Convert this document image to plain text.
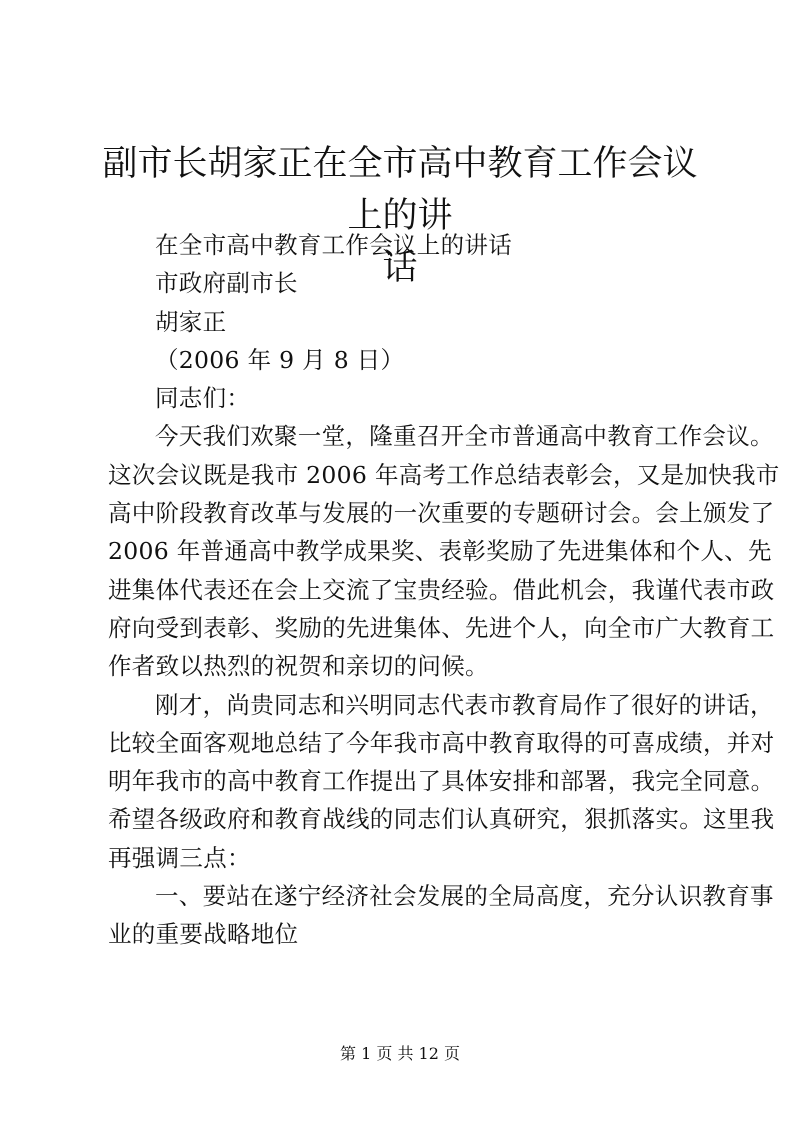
副市长胡家正在全市高中教育工作会议上的讲
话
在全市高中教育工作会议上的讲话
市政府副市长
胡家正
（2006 年 9 月 8 日）
同志们：
今天我们欢聚一堂，隆重召开全市普通高中教育工作会议。
这次会议既是我市 2006 年高考工作总结表彰会，又是加快我市
高中阶段教育改革与发展的一次重要的专题研讨会。会上颁发了
2006 年普通高中教学成果奖、表彰奖励了先进集体和个人、先
进集体代表还在会上交流了宝贵经验。借此机会，我谨代表市政
府向受到表彰、奖励的先进集体、先进个人，向全市广大教育工
作者致以热烈的祝贺和亲切的问候。
刚才，尚贵同志和兴明同志代表市教育局作了很好的讲话，
比较全面客观地总结了今年我市高中教育取得的可喜成绩，并对
明年我市的高中教育工作提出了具体安排和部署，我完全同意。
希望各级政府和教育战线的同志们认真研究，狠抓落实。这里我
再强调三点：
一、要站在遂宁经济社会发展的全局高度，充分认识教育事
业的重要战略地位
第 1 页 共 12 页
